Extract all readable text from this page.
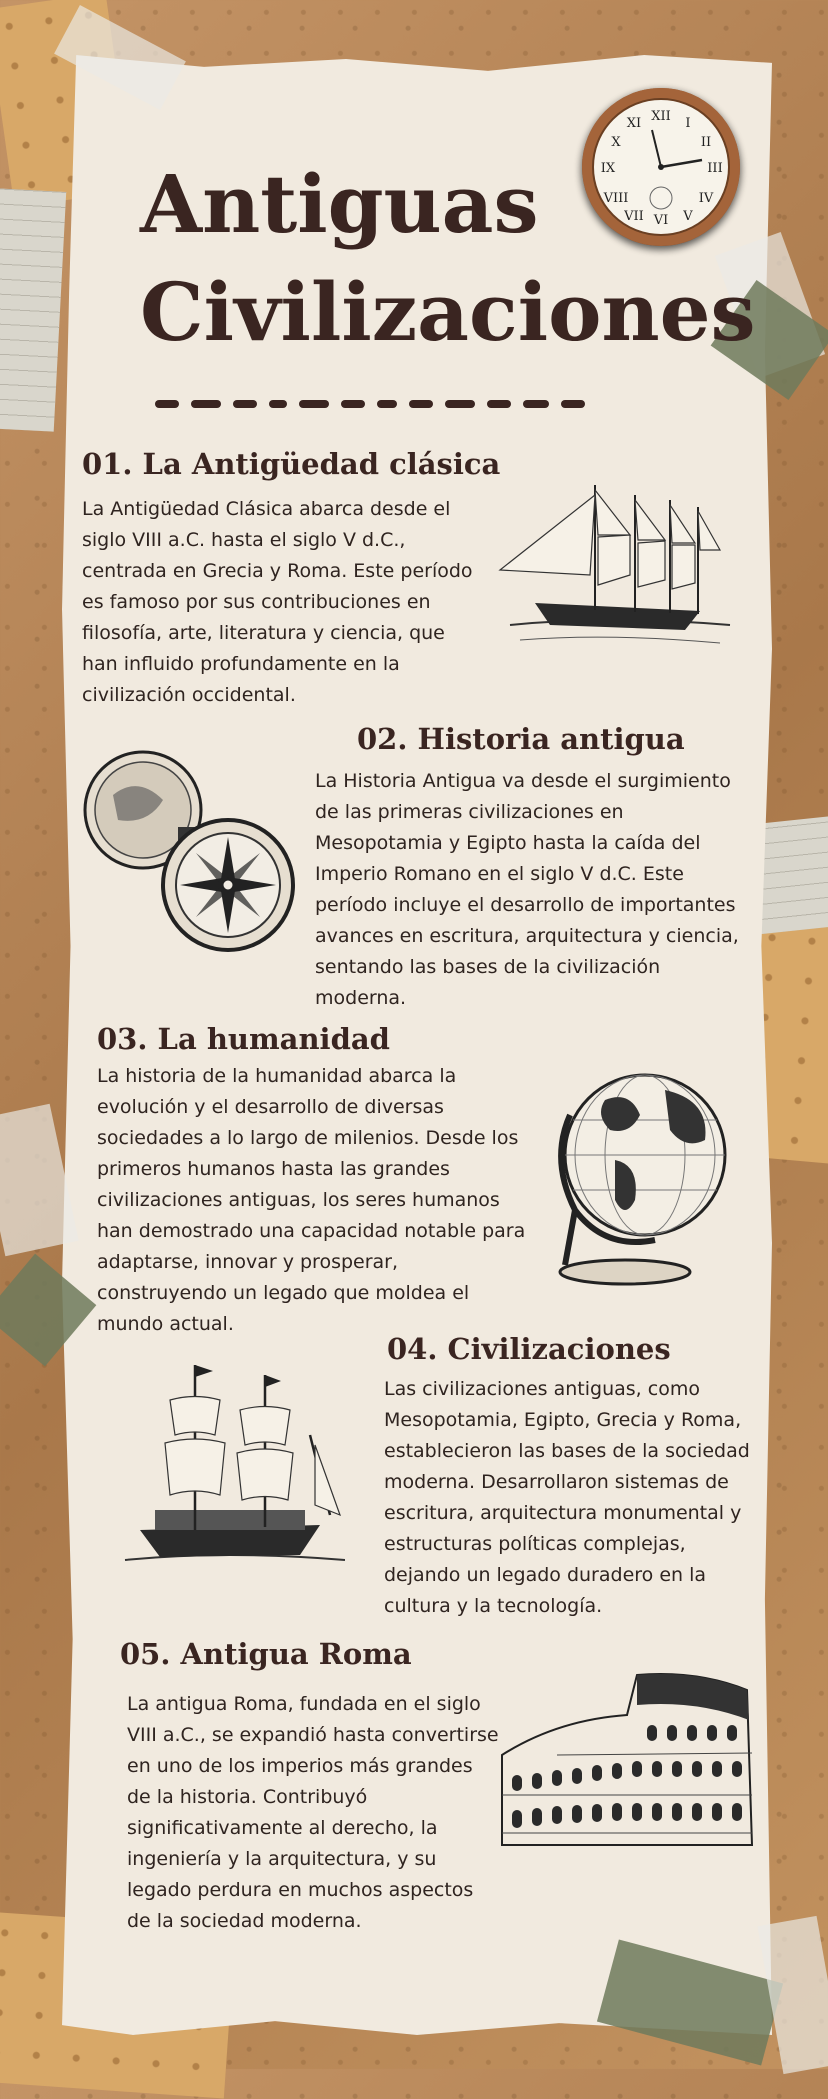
Antiguas
Civilizaciones
XII
VI
IX	III
I
II
IV
V
VII
VIII
X
XI
01. La Antigüedad clásica

La Antigüedad Clásica abarca desde el siglo VIII a.C. hasta el siglo V d.C., centrada en Grecia y Roma. Este período es famoso por sus contribuciones en filosofía, arte, literatura y ciencia, que han influido profundamente en la civilización occidental.

02. Historia antigua

La Historia Antigua va desde el surgimiento de las primeras civilizaciones en Mesopotamia y Egipto hasta la caída del Imperio Romano en el siglo V d.C. Este período incluye el desarrollo de importantes avances en escritura, arquitectura y ciencia, sentando las bases de la civilización moderna.

03. La humanidad

La historia de la humanidad abarca la evolución y el desarrollo de diversas sociedades a lo largo de milenios. Desde los primeros humanos hasta las grandes civilizaciones antiguas, los seres humanos han demostrado una capacidad notable para adaptarse, innovar y prosperar, construyendo un legado que moldea el mundo actual.

04. Civilizaciones

Las civilizaciones antiguas, como Mesopotamia, Egipto, Grecia y Roma, establecieron las bases de la sociedad moderna. Desarrollaron sistemas de escritura, arquitectura monumental y estructuras políticas complejas, dejando un legado duradero en la cultura y la tecnología.

05. Antigua Roma

La antigua Roma, fundada en el siglo VIII a.C., se expandió hasta convertirse en uno de los imperios más grandes de la historia. Contribuyó significativamente al derecho, la ingeniería y la arquitectura, y su legado perdura en muchos aspectos de la sociedad moderna.
